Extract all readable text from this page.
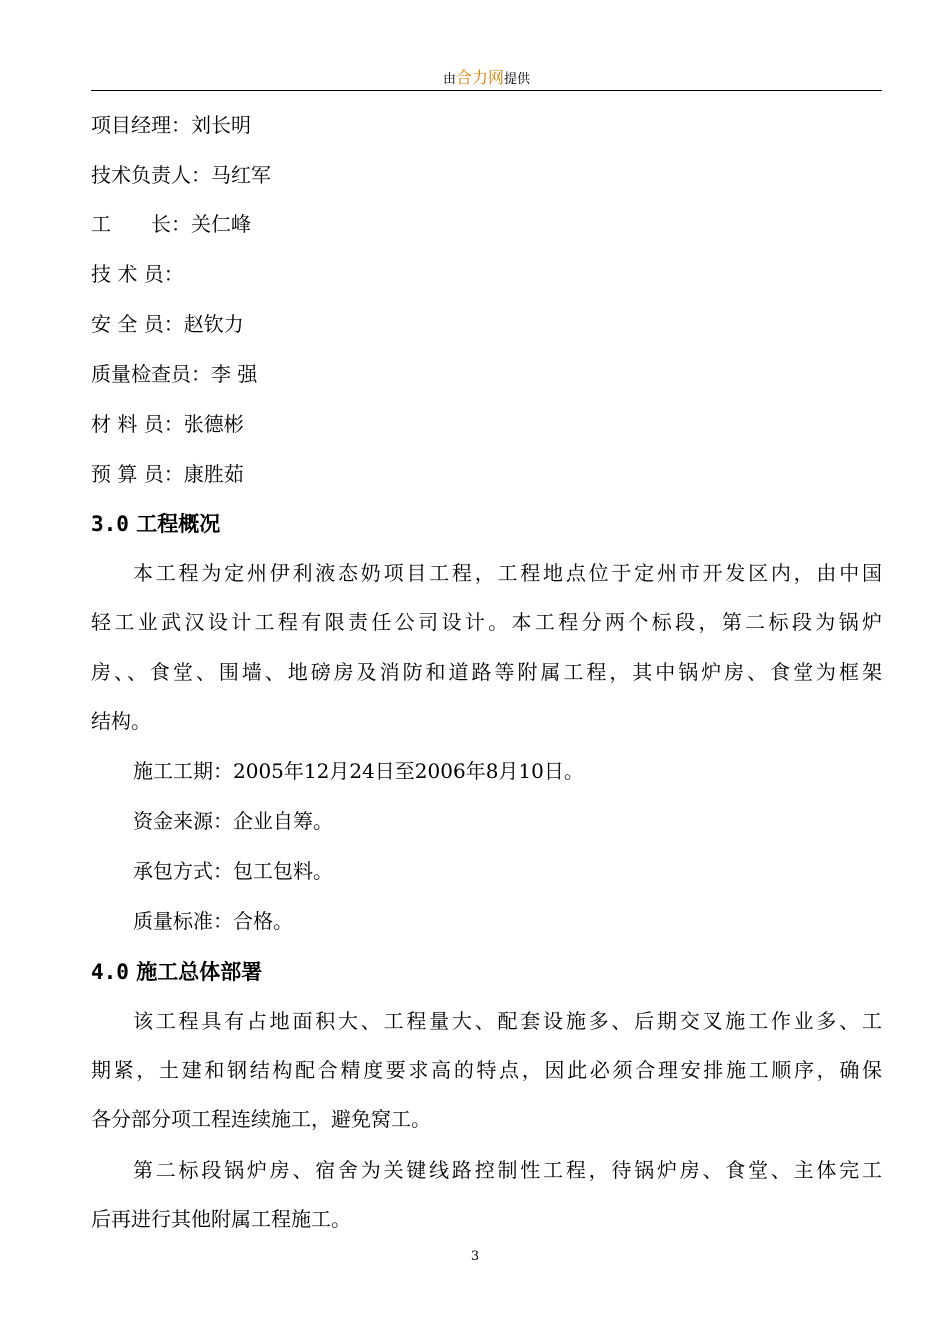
由合力网提供
项目经理：刘长明
技术负责人：马红军
工　　长：关仁峰
技 术 员：
安 全 员：赵钦力
质量检查员：李 强
材 料 员：张德彬
预 算 员：康胜茹
3.0 工程概况
本工程为定州伊利液态奶项目工程，工程地点位于定州市开发区内，由中国
轻工业武汉设计工程有限责任公司设计。本工程分两个标段，第二标段为锅炉
房、、食堂、围墙、地磅房及消防和道路等附属工程，其中锅炉房、食堂为框架
结构。
施工工期：2005年12月24日至2006年8月10日。
资金来源：企业自筹。
承包方式：包工包料。
质量标准：合格。
4.0 施工总体部署
该工程具有占地面积大、工程量大、配套设施多、后期交叉施工作业多、工
期紧，土建和钢结构配合精度要求高的特点，因此必须合理安排施工顺序，确保
各分部分项工程连续施工，避免窝工。
第二标段锅炉房、宿舍为关键线路控制性工程，待锅炉房、食堂、主体完工
后再进行其他附属工程施工。
3
